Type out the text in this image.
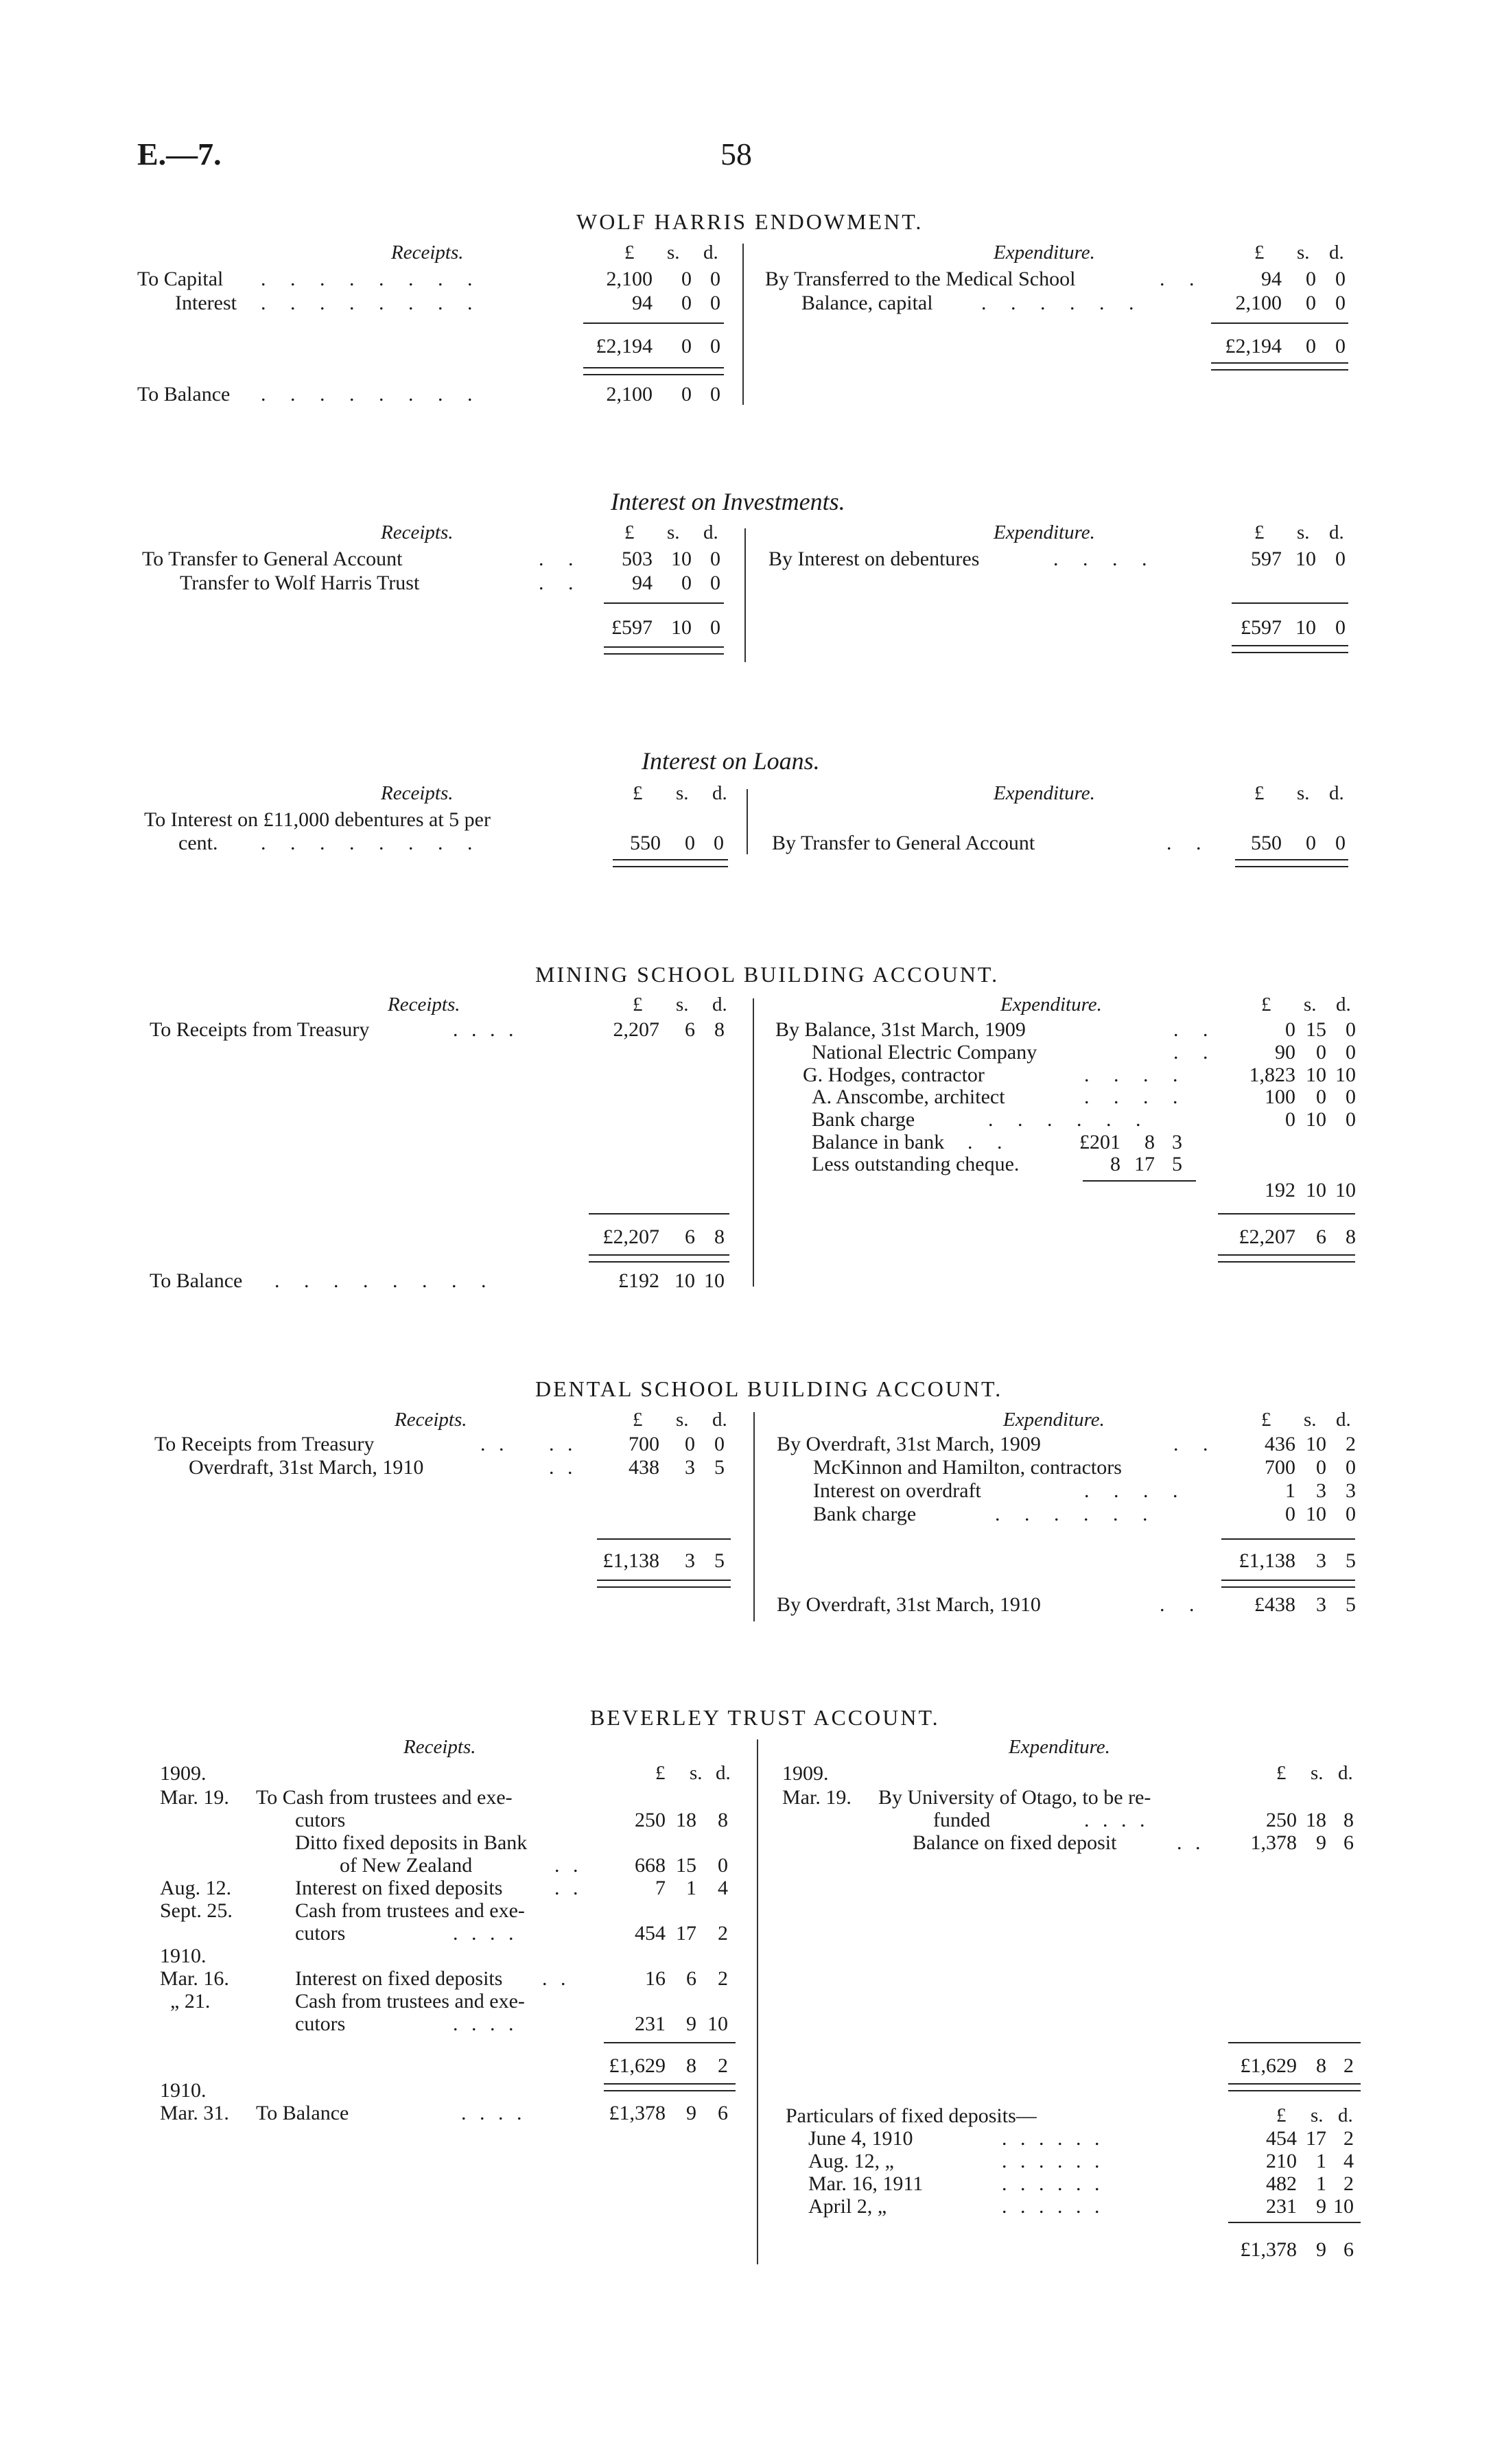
E.—7.	58
WOLF HARRIS ENDOWMENT.
Receipts.	£ s. d.
To Capital . . . . . . . .	2,100 0 0
Interest . . . . . . . .	94 0 0
£2,194 0 0
To Balance . . . . . . . .	2,100 0 0
Expenditure.	£ s. d.
By Transferred to the Medical School	. .	94 0 0
Balance, capital . . . . . .	2,100 0 0
£2,194 0 0
Interest on Investments.
Receipts.	£ s. d.
To Transfer to General Account	. . 503 10 0
Transfer to Wolf Harris Trust	. . 94 0 0
£597 10 0
Expenditure.	£ s. d.
By Interest on debentures	. . . .	597 10 0
£597 10 0
Interest on Loans.
Receipts.	£ s. d.
To Interest on £11,000 debentures at 5 per
cent. . . . . . . . .	550 0 0
Expenditure.	£ s. d.
By Transfer to General Account	. . 550 0 0
MINING SCHOOL BUILDING ACCOUNT.
Receipts.	£ s. d.
To Receipts from Treasury	. . . .	2,207 6 8
£2,207 6 8
To Balance . . . . . . . .	£192 10 10
Expenditure.	£ s. d.
By Balance, 31st March, 1909	. .	0 15 0
National Electric Company	. .	90 0 0
G. Hodges, contractor	. . . .	1,823 10 10
A. Anscombe, architect	. . . .	100 0 0
Bank charge	. . . . . .	0 10 0
Balance in bank . .	£201 8 3
Less outstanding cheque.	8 17 5
192 10 10
£2,207 6 8
DENTAL SCHOOL BUILDING ACCOUNT.
Receipts.	£ s. d.
To Receipts from Treasury	. . . .	700 0 0
Overdraft, 31st March, 1910	. .	438 3 5
£1,138 3 5
Expenditure.	£ s. d.
By Overdraft, 31st March, 1909	. . 436 10 2
McKinnon and Hamilton, contractors	700 0 0
Interest on overdraft	. . . .	1 3 3
Bank charge	. . . . . .	0 10 0
£1,138 3 5
By Overdraft, 31st March, 1910	. . £438 3 5
BEVERLEY TRUST ACCOUNT.
Receipts.
1909.	£ s. d.
Mar. 19. To Cash from trustees and exe-
cutors	250 18 8
Ditto fixed deposits in Bank
of New Zealand	. .	668 15 0
Aug. 12.	Interest on fixed deposits	. .	7 1 4
Sept. 25.	Cash from trustees and exe-
cutors	. . . .	454 17 2
1910.
Mar. 16.	Interest on fixed deposits . .	16 6 2
„ 21.	Cash from trustees and exe-
cutors	. . . .	231 9 10
£1,629 8 2
1910.
Mar. 31. To Balance	. . . .	£1,378 9 6
Expenditure.
1909.	£ s. d.
Mar. 19. By University of Otago, to be re-
funded	. . . .	250 18 8
Balance on fixed deposit	. . 1,378 9 6
£1,629 8 2
Particulars of fixed deposits—	£ s. d.
June 4, 1910	. . . . . .	454 17 2
Aug. 12, „	. . . . . .	210 1 4
Mar. 16, 1911	. . . . . .	482 1 2
April 2, „	. . . . . .	231 9 10
£1,378 9 6
